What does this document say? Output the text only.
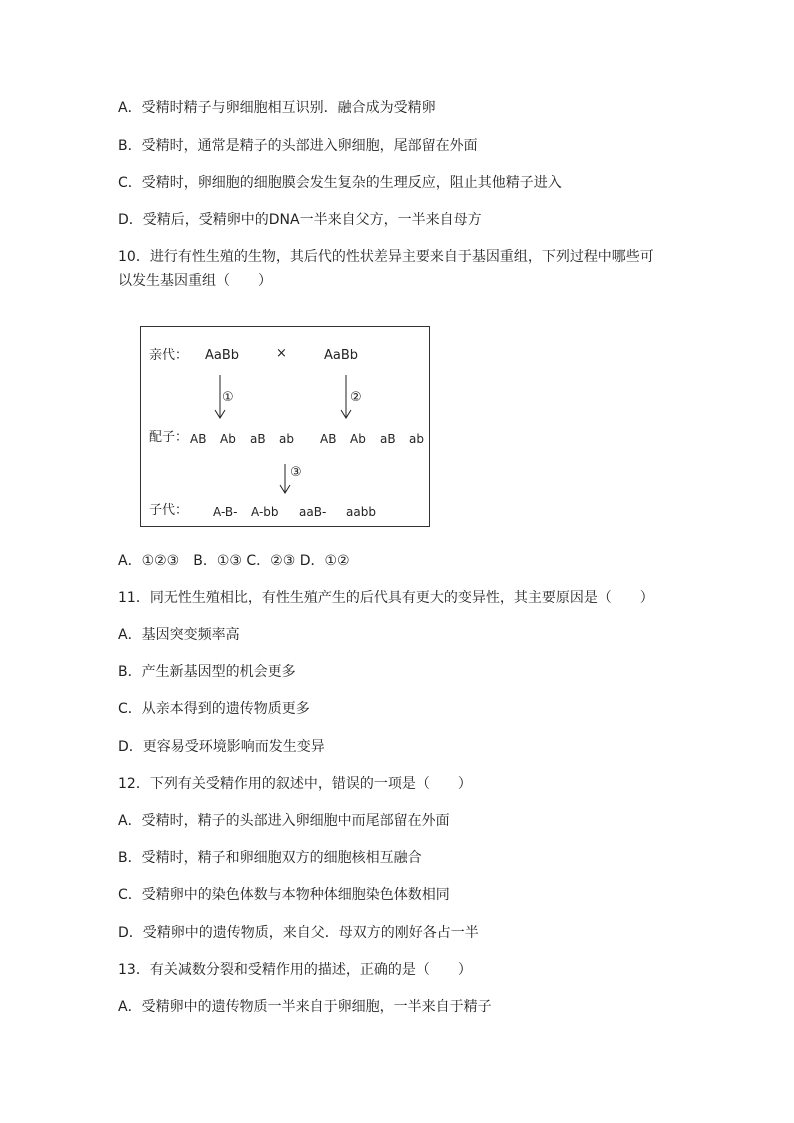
A．受精时精子与卵细胞相互识别．融合成为受精卵
B．受精时，通常是精子的头部进入卵细胞，尾部留在外面
C．受精时，卵细胞的细胞膜会发生复杂的生理反应，阻止其他精子进入
D．受精后，受精卵中的DNA一半来自父方，一半来自母方
10．进行有性生殖的生物，其后代的性状差异主要来自于基因重组，下列过程中哪些可
以发生基因重组（　　）
亲代： AaBb	×	AaBb
①	②
配子： AB Ab aB ab AB Ab aB ab
③
子代： A-B- A-bb aaB- aabb
A．①②③　B．①③ C．②③ D．①②
11．同无性生殖相比，有性生殖产生的后代具有更大的变异性，其主要原因是（　　）
A．基因突变频率高
B．产生新基因型的机会更多
C．从亲本得到的遗传物质更多
D．更容易受环境影响而发生变异
12．下列有关受精作用的叙述中，错误的一项是（　　）
A．受精时，精子的头部进入卵细胞中而尾部留在外面
B．受精时，精子和卵细胞双方的细胞核相互融合
C．受精卵中的染色体数与本物种体细胞染色体数相同
D．受精卵中的遗传物质，来自父．母双方的刚好各占一半
13．有关减数分裂和受精作用的描述，正确的是（　　）
A．受精卵中的遗传物质一半来自于卵细胞，一半来自于精子
